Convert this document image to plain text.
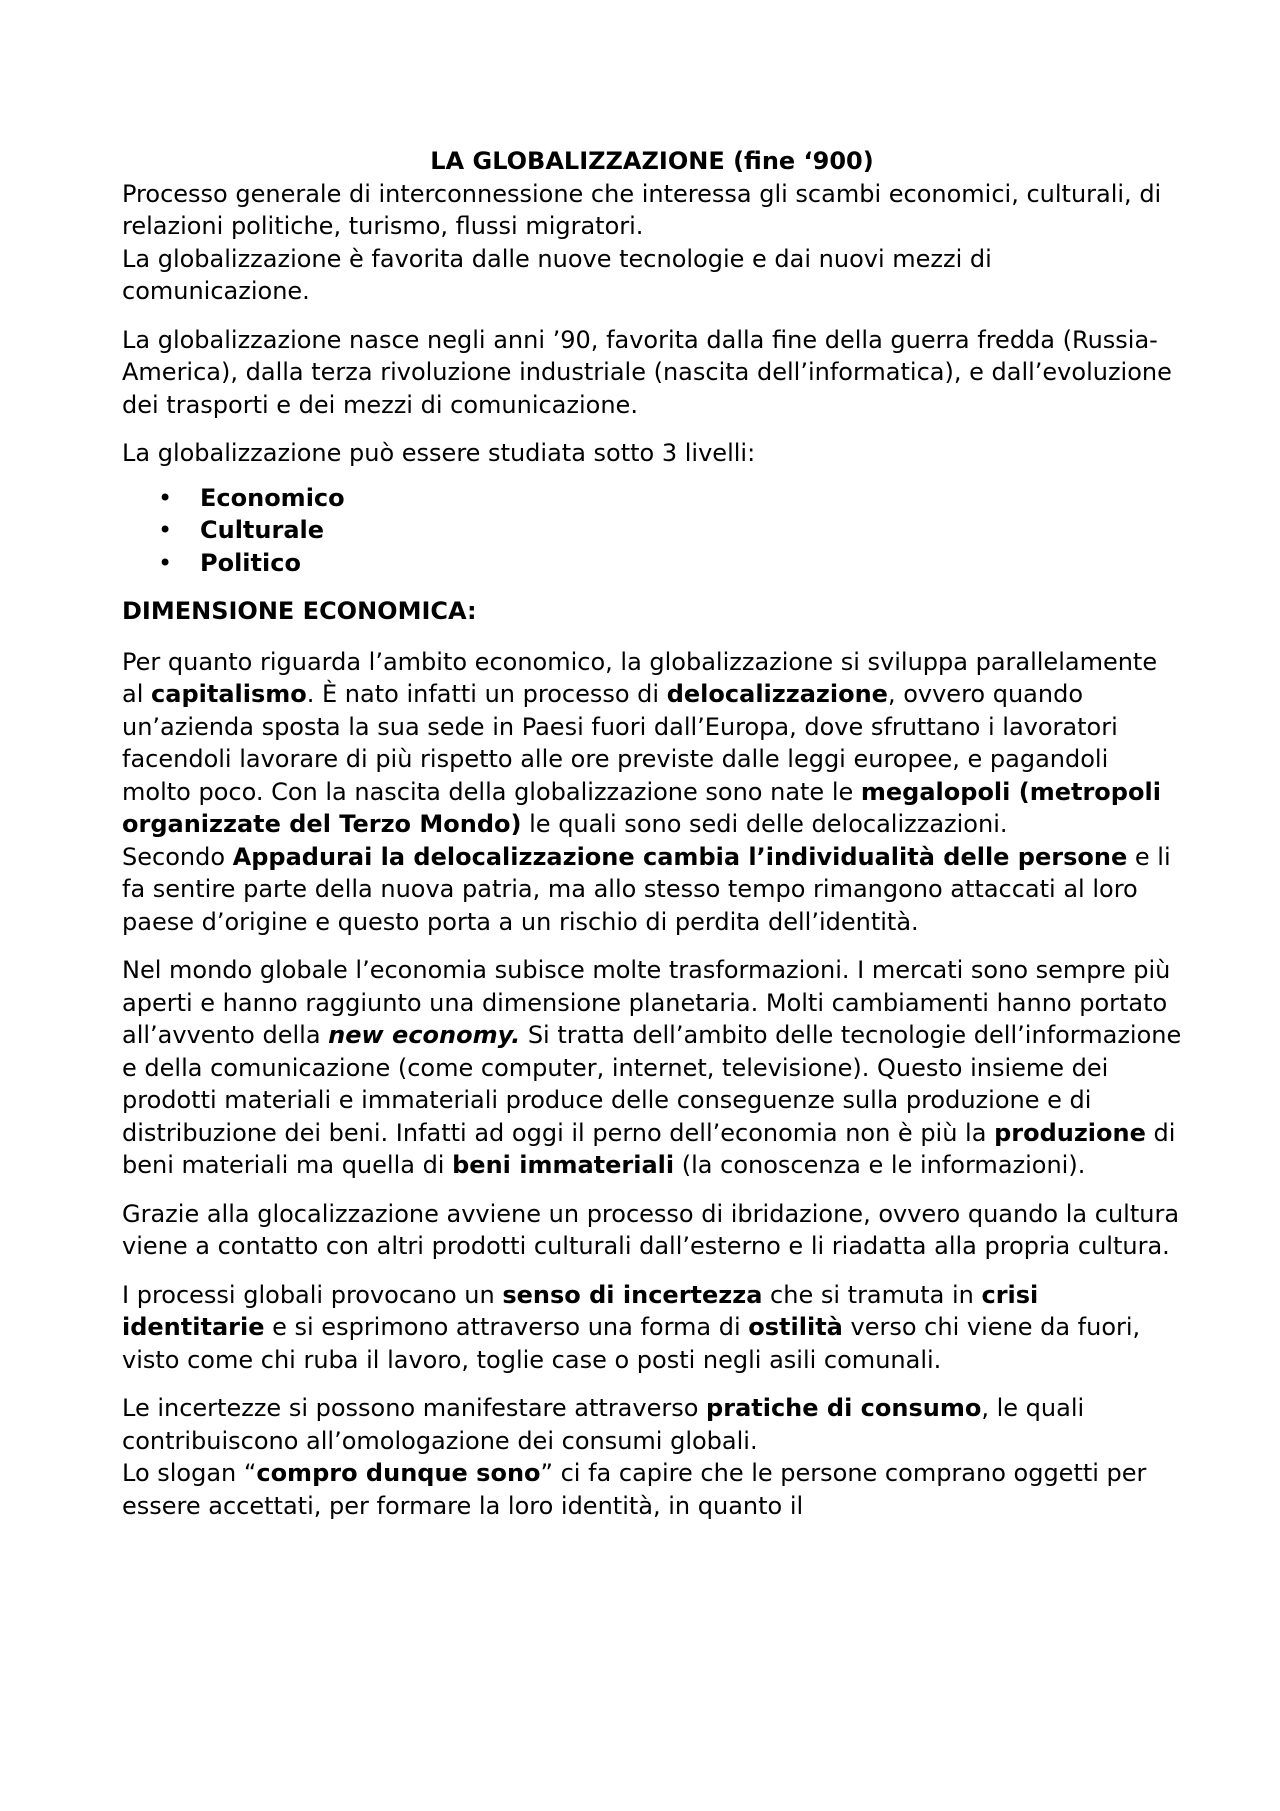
LA GLOBALIZZAZIONE (fine ‘900)

Processo generale di interconnessione che interessa gli scambi economici, culturali, di relazioni politiche, turismo, flussi migratori.

La globalizzazione è favorita dalle nuove tecnologie e dai nuovi mezzi di comunicazione.

La globalizzazione nasce negli anni ’90, favorita dalla fine della guerra fredda (Russia- America), dalla terza rivoluzione industriale (nascita dell’informatica), e dall’evoluzione dei trasporti e dei mezzi di comunicazione.

La globalizzazione può essere studiata sotto 3 livelli:

• Economico
• Culturale
• Politico
DIMENSIONE ECONOMICA:

Per quanto riguarda l’ambito economico, la globalizzazione si sviluppa parallelamente al capitalismo. È nato infatti un processo di delocalizzazione, ovvero quando un’azienda sposta la sua sede in Paesi fuori dall’Europa, dove sfruttano i lavoratori facendoli lavorare di più rispetto alle ore previste dalle leggi europee, e pagandoli molto poco. Con la nascita della globalizzazione sono nate le megalopoli (metropoli organizzate del Terzo Mondo) le quali sono sedi delle delocalizzazioni.

Secondo Appadurai la delocalizzazione cambia l’individualità delle persone e li fa sentire parte della nuova patria, ma allo stesso tempo rimangono attaccati al loro paese d’origine e questo porta a un rischio di perdita dell’identità.

Nel mondo globale l’economia subisce molte trasformazioni. I mercati sono sempre più aperti e hanno raggiunto una dimensione planetaria. Molti cambiamenti hanno portato all’avvento della new economy. Si tratta dell’ambito delle tecnologie dell’informazione e della comunicazione (come computer, internet, televisione). Questo insieme dei prodotti materiali e immateriali produce delle conseguenze sulla produzione e di distribuzione dei beni. Infatti ad oggi il perno dell’economia non è più la produzione di beni materiali ma quella di beni immateriali (la conoscenza e le informazioni).

Grazie alla glocalizzazione avviene un processo di ibridazione, ovvero quando la cultura viene a contatto con altri prodotti culturali dall’esterno e li riadatta alla propria cultura.

I processi globali provocano un senso di incertezza che si tramuta in crisi identitarie e si esprimono attraverso una forma di ostilità verso chi viene da fuori, visto come chi ruba il lavoro, toglie case o posti negli asili comunali.

Le incertezze si possono manifestare attraverso pratiche di consumo, le quali contribuiscono all’omologazione dei consumi globali.

Lo slogan “compro dunque sono” ci fa capire che le persone comprano oggetti per essere accettati, per formare la loro identità, in quanto il
